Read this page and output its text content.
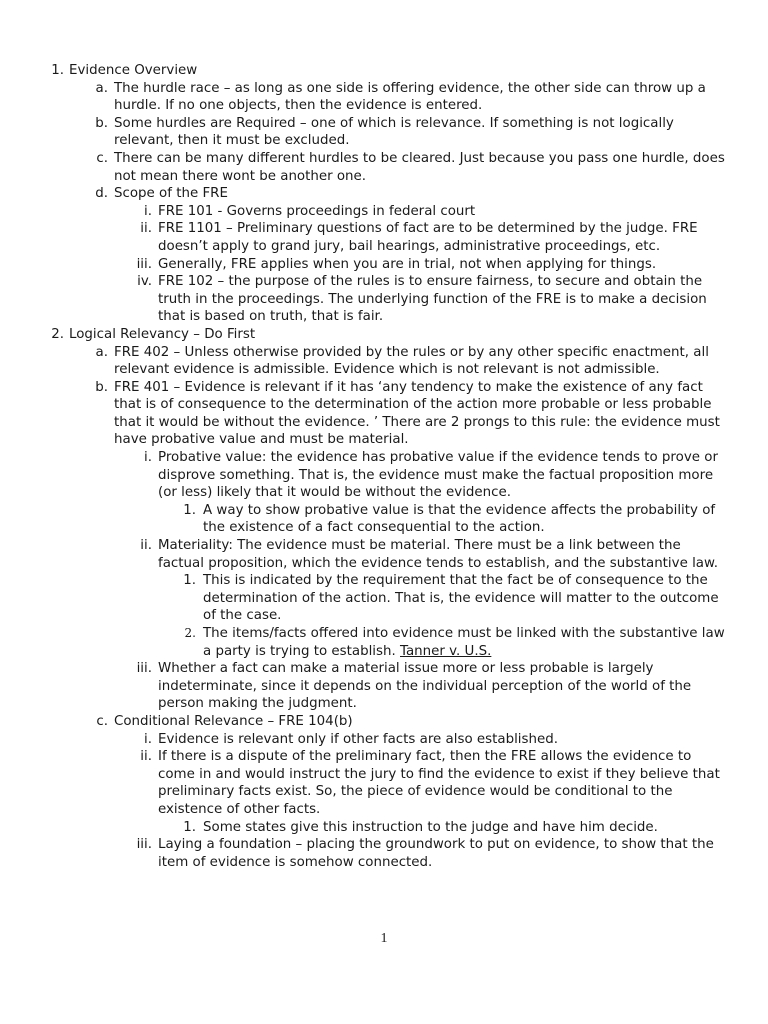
1. Evidence Overview
a. The hurdle race – as long as one side is offering evidence, the other side can throw up a hurdle. If no one objects, then the evidence is entered.
b. Some hurdles are Required – one of which is relevance. If something is not logically relevant, then it must be excluded.
c. There can be many different hurdles to be cleared. Just because you pass one hurdle, does not mean there wont be another one.
d. Scope of the FRE
i. FRE 101 - Governs proceedings in federal court
ii. FRE 1101 – Preliminary questions of fact are to be determined by the judge. FRE doesn’t apply to grand jury, bail hearings, administrative proceedings, etc.
iii. Generally, FRE applies when you are in trial, not when applying for things.
iv. FRE 102 – the purpose of the rules is to ensure fairness, to secure and obtain the truth in the proceedings. The underlying function of the FRE is to make a decision that is based on truth, that is fair.
2. Logical Relevancy – Do First
a. FRE 402 – Unless otherwise provided by the rules or by any other specific enactment, all relevant evidence is admissible. Evidence which is not relevant is not admissible.
b. FRE 401 – Evidence is relevant if it has ‘any tendency to make the existence of any fact that is of consequence to the determination of the action more probable or less probable that it would be without the evidence. ’ There are 2 prongs to this rule: the evidence must have probative value and must be material.
i. Probative value: the evidence has probative value if the evidence tends to prove or disprove something. That is, the evidence must make the factual proposition more (or less) likely that it would be without the evidence.
1. A way to show probative value is that the evidence affects the probability of the existence of a fact consequential to the action.
ii. Materiality: The evidence must be material. There must be a link between the factual proposition, which the evidence tends to establish, and the substantive law.
1. This is indicated by the requirement that the fact be of consequence to the determination of the action. That is, the evidence will matter to the outcome of the case.
2. The items/facts offered into evidence must be linked with the substantive law a party is trying to establish. Tanner v. U.S.
iii. Whether a fact can make a material issue more or less probable is largely indeterminate, since it depends on the individual perception of the world of the person making the judgment.
c. Conditional Relevance – FRE 104(b)
i. Evidence is relevant only if other facts are also established.
ii. If there is a dispute of the preliminary fact, then the FRE allows the evidence to come in and would instruct the jury to find the evidence to exist if they believe that preliminary facts exist. So, the piece of evidence would be conditional to the existence of other facts.
1. Some states give this instruction to the judge and have him decide.
iii. Laying a foundation – placing the groundwork to put on evidence, to show that the item of evidence is somehow connected.
1
